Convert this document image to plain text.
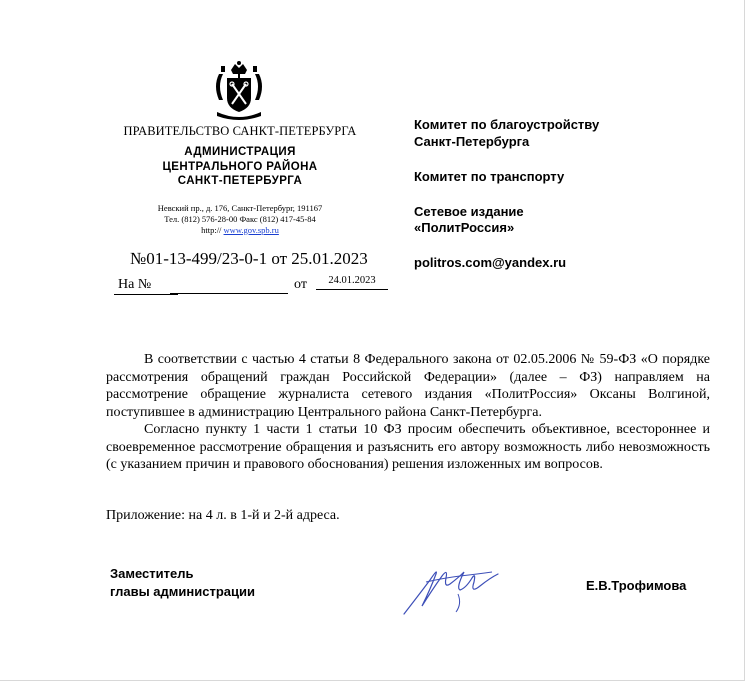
ПРАВИТЕЛЬСТВО САНКТ-ПЕТЕРБУРГА
АДМИНИСТРАЦИЯ
ЦЕНТРАЛЬНОГО РАЙОНА
САНКТ-ПЕТЕРБУРГА
Невский пр., д. 176, Санкт-Петербург, 191167
Тел. (812) 576-28-00 Факс (812) 417-45-84
http:// www.gov.spb.ru
№01-13-499/23-0-1 от 25.01.2023
На №	от	24.01.2023
Комитет по благоустройству
Санкт-Петербурга
Комитет по транспорту
Сетевое издание
«ПолитРоссия»
politros.com@yandex.ru

В соответствии с частью 4 статьи 8 Федерального закона от 02.05.2006 № 59-ФЗ «О порядке рассмотрения обращений граждан Российской Федерации» (далее – ФЗ) направляем на рассмотрение обращение журналиста сетевого издания «ПолитРоссия» Оксаны Волгиной, поступившее в администрацию Центрального района Санкт-Петербурга.

Согласно пункту 1 части 1 статьи 10 ФЗ просим обеспечить объективное, всестороннее и своевременное рассмотрение обращения и разъяснить его автору возможность либо невозможность (с указанием причин и правового обоснования) решения изложенных им вопросов.

Приложение: на 4 л. в 1-й и 2-й адреса.
Заместитель
главы администрации	Е.В.Трофимова
